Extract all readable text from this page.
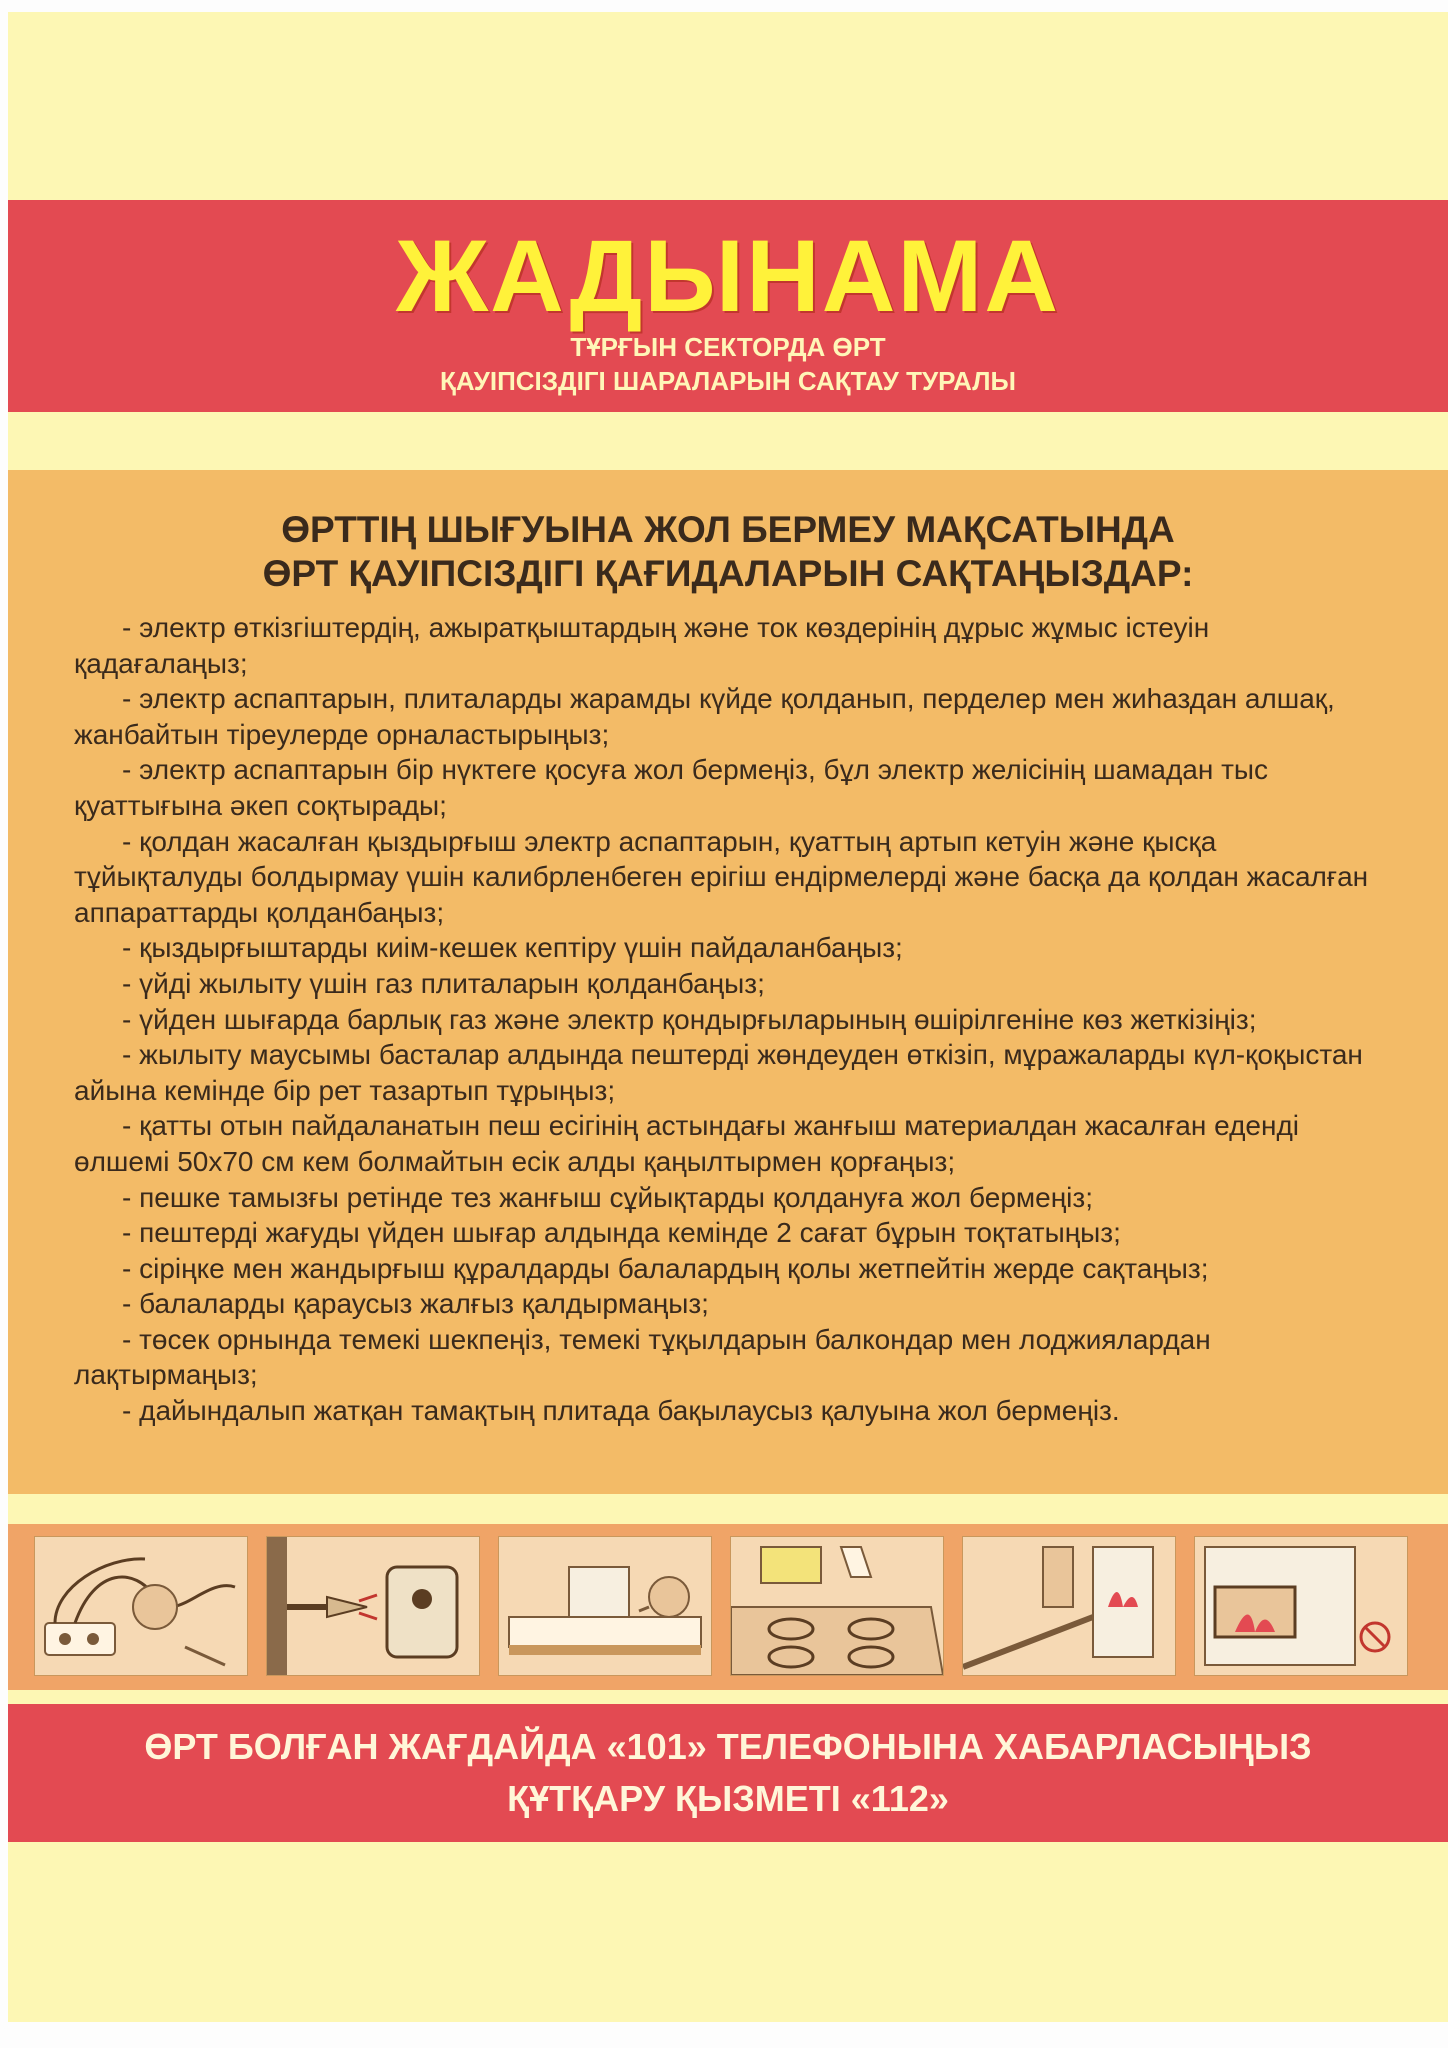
ЖАДЫНАМА
ТҰРҒЫН СЕКТОРДА ӨРТ
ҚАУІПСІЗДІГІ ШАРАЛАРЫН САҚТАУ ТУРАЛЫ
ӨРТТІҢ ШЫҒУЫНА ЖОЛ БЕРМЕУ МАҚСАТЫНДА
ӨРТ ҚАУІПСІЗДІГІ ҚАҒИДАЛАРЫН САҚТАҢЫЗДАР:
- электр өткізгіштердің, ажыратқыштардың және ток көздерінің дұрыс жұмыс істеуін қадағалаңыз;
- электр аспаптарын, плиталарды жарамды күйде қолданып, перделер мен жиhаздан алшақ, жанбайтын тіреулерде орналастырыңыз;
- электр аспаптарын бір нүктеге қосуға жол бермеңіз, бұл электр желісінің шамадан тыс қуаттығына әкеп соқтырады;
- қолдан жасалған қыздырғыш электр аспаптарын, қуаттың артып кетуін және қысқа тұйықталуды болдырмау үшін калибрленбеген ерігіш ендірмелерді және басқа да қолдан жасалған аппараттарды қолданбаңыз;
- қыздырғыштарды киім-кешек кептіру үшін пайдаланбаңыз;
- үйді жылыту үшін газ плиталарын қолданбаңыз;
- үйден шығарда барлық газ және электр қондырғыларының өшірілгеніне көз жеткізіңіз;
- жылыту маусымы басталар алдында пештерді жөндеуден өткізіп, мұражаларды күл-қоқыстан айына кемінде бір рет тазартып тұрыңыз;
- қатты отын пайдаланатын пеш есігінің астындағы жанғыш материалдан жасалған еденді өлшемі 50х70 см кем болмайтын есік алды қаңылтырмен қорғаңыз;
- пешке тамызғы ретінде тез жанғыш сұйықтарды қолдануға жол бермеңіз;
- пештерді жағуды үйден шығар алдында кемінде 2 сағат бұрын тоқтатыңыз;
- сіріңке мен жандырғыш құралдарды балалардың қолы жетпейтін жерде сақтаңыз;
- балаларды қараусыз жалғыз қалдырмаңыз;
- төсек орнында темекі шекпеңіз, темекі тұқылдарын балкондар мен лоджиялардан лақтырмаңыз;
- дайындалып жатқан тамақтың плитада бақылаусыз қалуына жол бермеңіз.
ӨРТ БОЛҒАН ЖАҒДАЙДА «101» ТЕЛЕФОНЫНА ХАБАРЛАСЫҢЫЗ
ҚҰТҚАРУ ҚЫЗМЕТІ «112»
